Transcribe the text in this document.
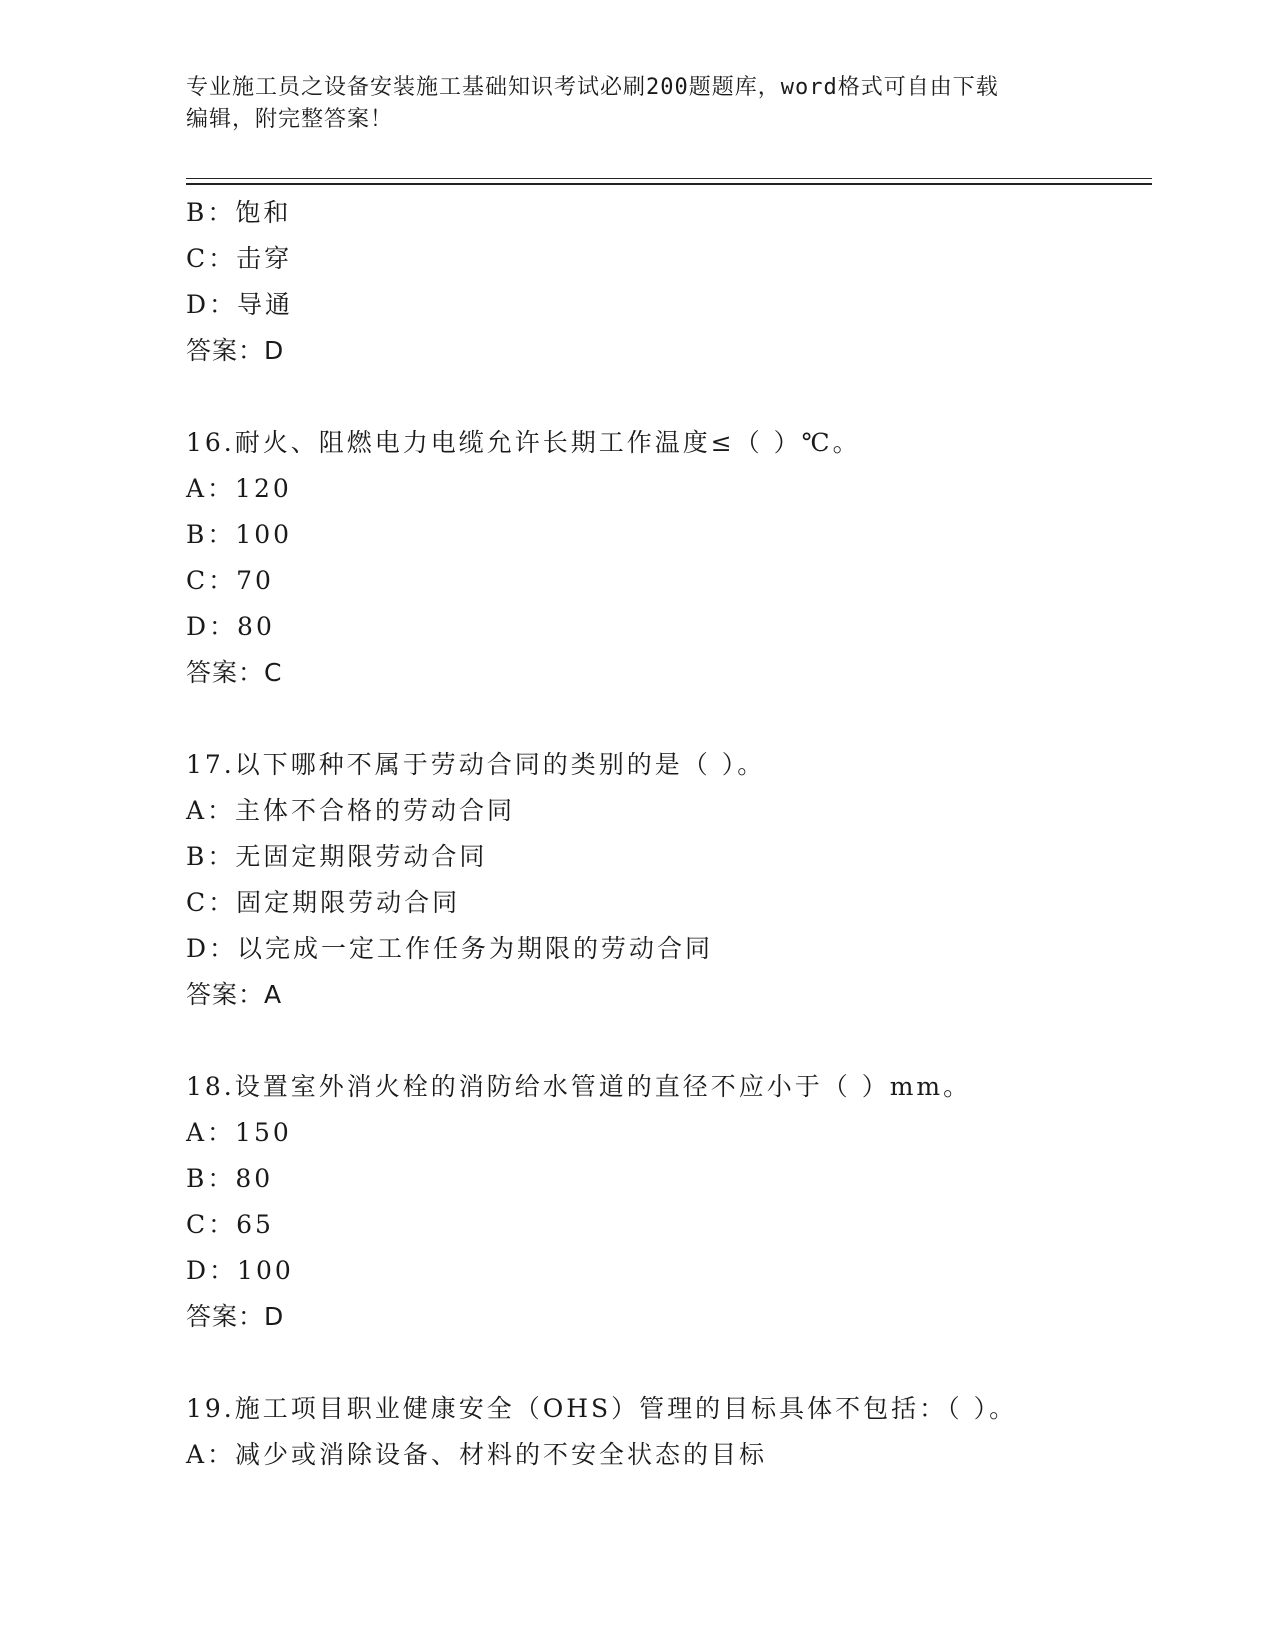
专业施工员之设备安装施工基础知识考试必刷200题题库，word格式可自由下载
编辑，附完整答案！
B：饱和
C：击穿
D：导通
答案：D
16.耐火、阻燃电力电缆允许长期工作温度≤（ ）℃。
A：120
B：100
C：70
D：80
答案：C
17.以下哪种不属于劳动合同的类别的是（ ）。
A：主体不合格的劳动合同
B：无固定期限劳动合同
C：固定期限劳动合同
D：以完成一定工作任务为期限的劳动合同
答案：A
18.设置室外消火栓的消防给水管道的直径不应小于（ ）mm。
A：150
B：80
C：65
D：100
答案：D
19.施工项目职业健康安全（OHS）管理的目标具体不包括：（ ）。
A：减少或消除设备、材料的不安全状态的目标
